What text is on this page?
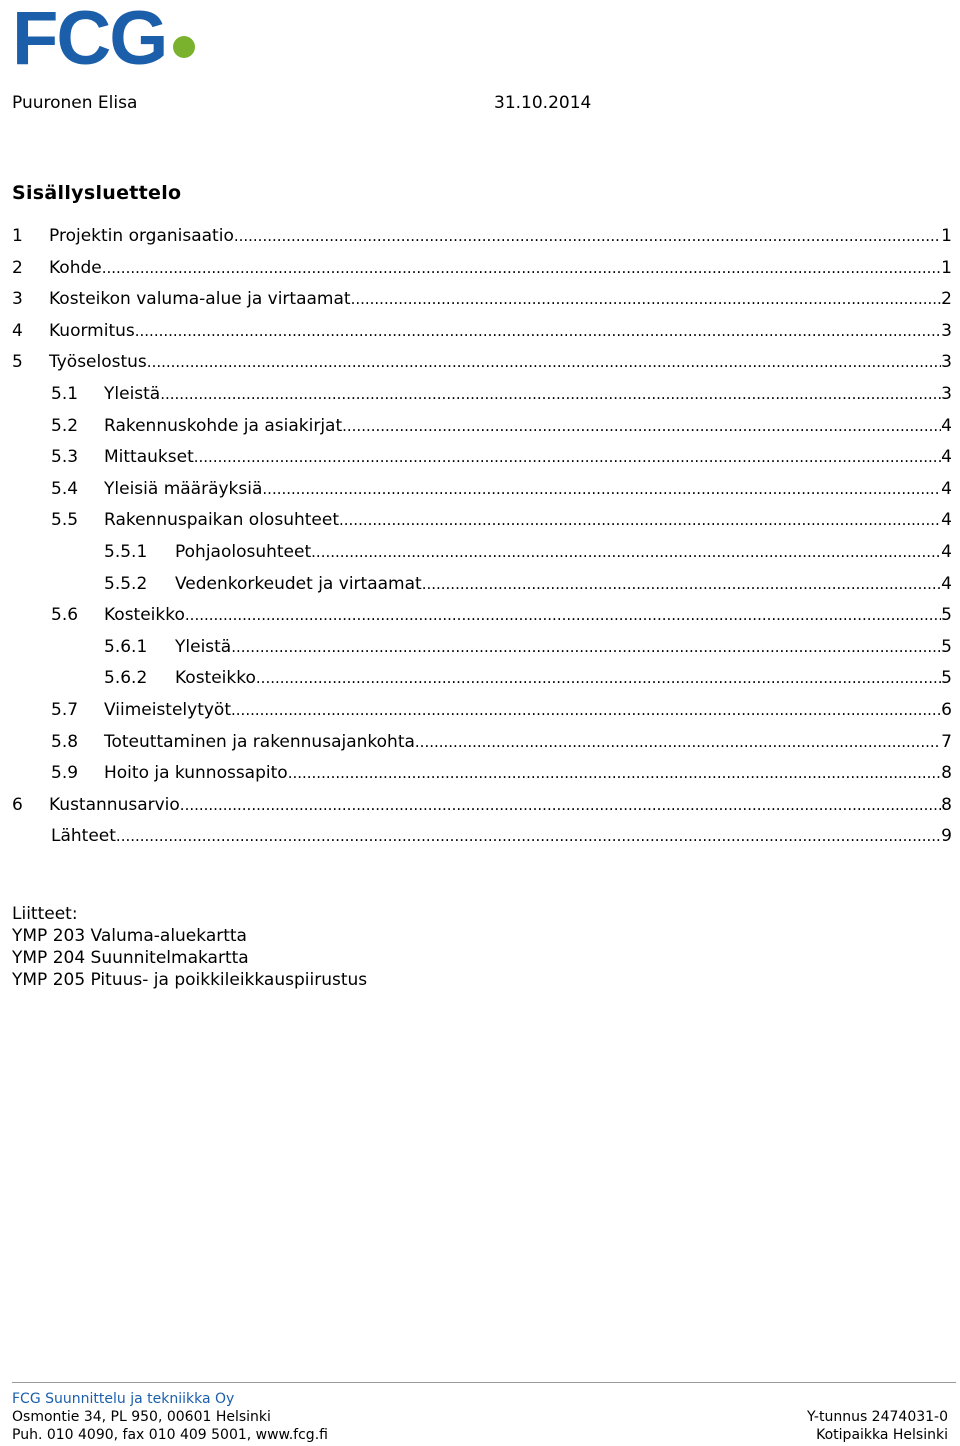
FCG
Puuronen Elisa	31.10.2014
Sisällysluettelo
1	Projektin organisaatio .....	1
2	Kohde .....	1
3	Kosteikon valuma-alue ja virtaamat .....	2
4	Kuormitus .....	3
5	Työselostus .....	3
5.1	Yleistä .....	3
5.2	Rakennuskohde ja asiakirjat .....	4
5.3	Mittaukset .....	4
5.4	Yleisiä määräyksiä .....	4
5.5	Rakennuspaikan olosuhteet .....	4
5.5.1	Pohjaolosuhteet .....	4
5.5.2	Vedenkorkeudet ja virtaamat .....	4
5.6	Kosteikko .....	5
5.6.1	Yleistä .....	5
5.6.2	Kosteikko .....	5
5.7	Viimeistelytyöt .....	6
5.8	Toteuttaminen ja rakennusajankohta .....	7
5.9	Hoito ja kunnossapito .....	8
6	Kustannusarvio .....	8
Lähteet .....	9
Liitteet:
YMP 203 Valuma-aluekartta
YMP 204 Suunnitelmakartta
YMP 205 Pituus- ja poikkileikkauspiirustus
FCG Suunnittelu ja tekniikka Oy
Osmontie 34, PL 950, 00601 Helsinki	Y-tunnus 2474031-0
Puh. 010 4090, fax 010 409 5001, www.fcg.fi	Kotipaikka Helsinki
